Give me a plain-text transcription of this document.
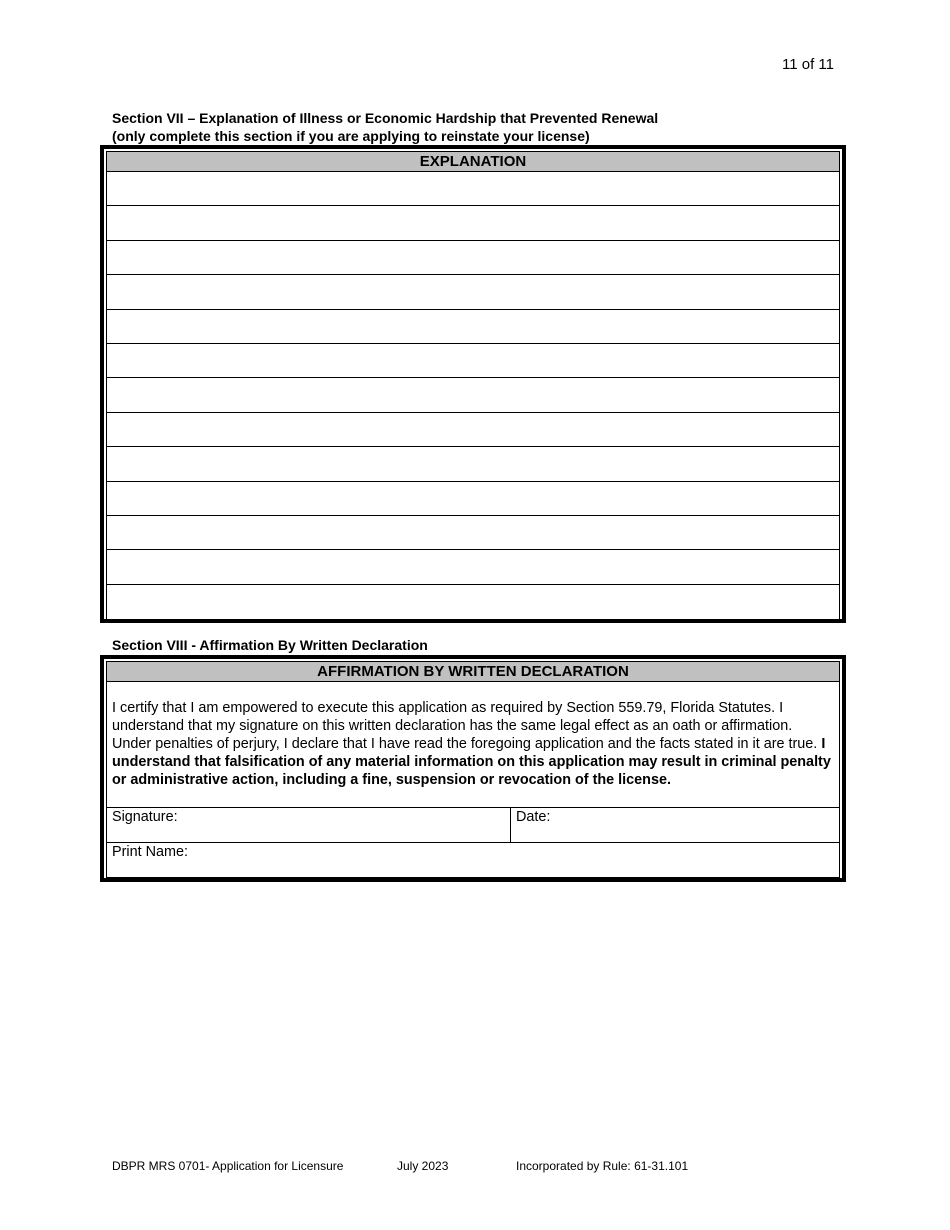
11 of 11
Section VII – Explanation of Illness or Economic Hardship that Prevented Renewal
(only complete this section if you are applying to reinstate your license)
EXPLANATION
Section VIII - Affirmation By Written Declaration
AFFIRMATION BY WRITTEN DECLARATION
I certify that I am empowered to execute this application as required by Section 559.79, Florida Statutes. I understand that my signature on this written declaration has the same legal effect as an oath or affirmation. Under penalties of perjury, I declare that I have read the foregoing application and the facts stated in it are true. I understand that falsification of any material information on this application may result in criminal penalty or administrative action, including a fine, suspension or revocation of the license.
Signature:	Date:
Print Name:
DBPR MRS 0701- Application for Licensure	July 2023	Incorporated by Rule: 61-31.101
